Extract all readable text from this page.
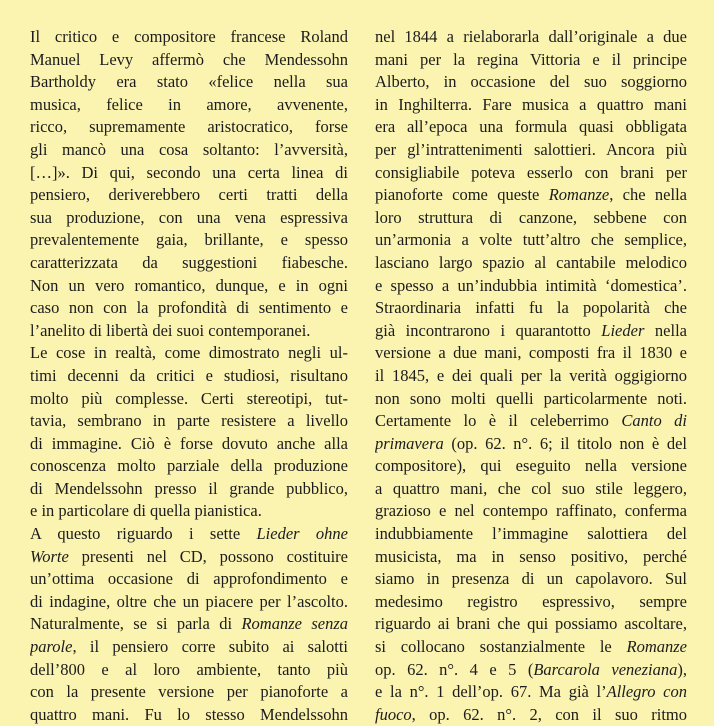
Il critico e compositore francese Roland
Manuel Levy affermò che Mendessohn
Bartholdy era stato «felice nella sua
musica, felice in amore, avvenente,
ricco, supremamente aristocratico, forse
gli mancò una cosa soltanto: l’avversità,
[…]». Di qui, secondo una certa linea di
pensiero, deriverebbero certi tratti della
sua produzione, con una vena espressiva
prevalentemente gaia, brillante, e spesso
caratterizzata da suggestioni fiabesche.
Non un vero romantico, dunque, e in ogni
caso non con la profondità di sentimento e
l’anelito di libertà dei suoi contemporanei.
Le cose in realtà, come dimostrato negli ul-
timi decenni da critici e studiosi, risultano
molto più complesse. Certi stereotipi, tut-
tavia, sembrano in parte resistere a livello
di immagine. Ciò è forse dovuto anche alla
conoscenza molto parziale della produzione
di Mendelssohn presso il grande pubblico,
e in particolare di quella pianistica.
A questo riguardo i sette Lieder ohne
Worte presenti nel CD, possono costituire
un’ottima occasione di approfondimento e
di indagine, oltre che un piacere per l’ascolto.
Naturalmente, se si parla di Romanze senza
parole, il pensiero corre subito ai salotti
dell’800 e al loro ambiente, tanto più
con la presente versione per pianoforte a
quattro mani. Fu lo stesso Mendelssohn
nel 1844 a rielaborarla dall’originale a due
mani per la regina Vittoria e il principe
Alberto, in occasione del suo soggiorno
in Inghilterra. Fare musica a quattro mani
era all’epoca una formula quasi obbligata
per gl’intrattenimenti salottieri. Ancora più
consigliabile poteva esserlo con brani per
pianoforte come queste Romanze, che nella
loro struttura di canzone, sebbene con
un’armonia a volte tutt’altro che semplice,
lasciano largo spazio al cantabile melodico
e spesso a un’indubbia intimità ‘domestica’.
Straordinaria infatti fu la popolarità che
già incontrarono i quarantotto Lieder nella
versione a due mani, composti fra il 1830 e
il 1845, e dei quali per la verità oggigiorno
non sono molti quelli particolarmente noti.
Certamente lo è il celeberrimo Canto di
primavera (op. 62. n°. 6; il titolo non è del
compositore), qui eseguito nella versione
a quattro mani, che col suo stile leggero,
grazioso e nel contempo raffinato, conferma
indubbiamente l’immagine salottiera del
musicista, ma in senso positivo, perché
siamo in presenza di un capolavoro. Sul
medesimo registro espressivo, sempre
riguardo ai brani che qui possiamo ascoltare,
si collocano sostanzialmente le Romanze
op. 62. n°. 4 e 5 (Barcarola veneziana),
e la n°. 1 dell’op. 67. Ma già l’Allegro con
fuoco, op. 62. n°. 2, con il suo ritmo
